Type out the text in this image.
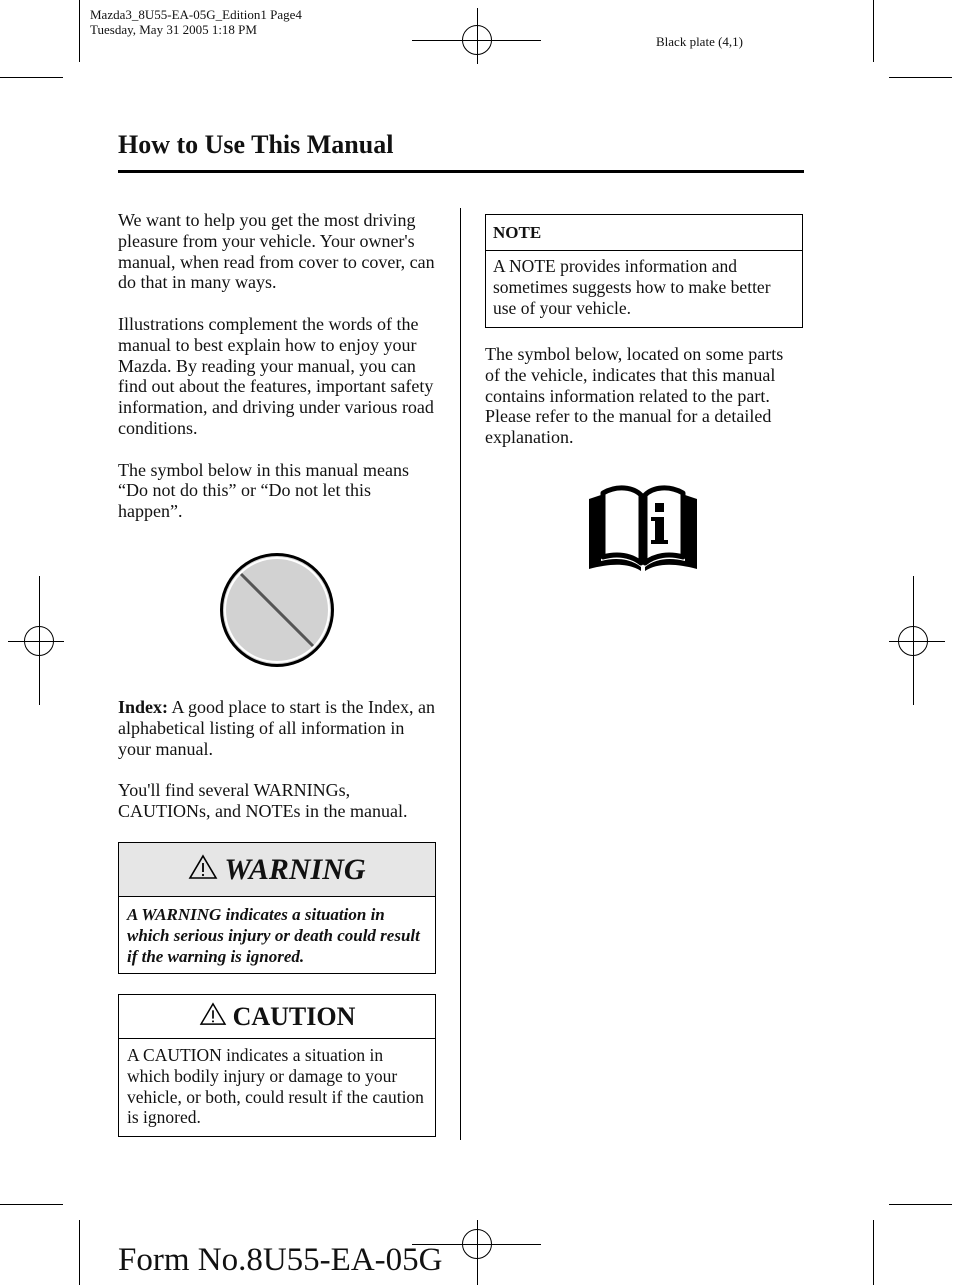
Mazda3_8U55-EA-05G_Edition1 Page4
Tuesday, May 31 2005 1:18 PM
Black plate (4,1)
How to Use This Manual

We want to help you get the most driving pleasure from your vehicle. Your owner's manual, when read from cover to cover, can do that in many ways.

Illustrations complement the words of the manual to best explain how to enjoy your Mazda. By reading your manual, you can find out about the features, important safety information, and driving under various road conditions.

The symbol below in this manual means “Do not do this” or “Do not let this happen”.

Index: A good place to start is the Index, an alphabetical listing of all information in your manual.

You'll find several WARNINGs, CAUTIONs, and NOTEs in the manual.

WARNING
A WARNING indicates a situation in which serious injury or death could result if the warning is ignored.
CAUTION
A CAUTION indicates a situation in which bodily injury or damage to your vehicle, or both, could result if the caution is ignored.
NOTE
A NOTE provides information and sometimes suggests how to make better use of your vehicle.

The symbol below, located on some parts of the vehicle, indicates that this manual contains information related to the part. Please refer to the manual for a detailed explanation.

Form No.8U55-EA-05G
